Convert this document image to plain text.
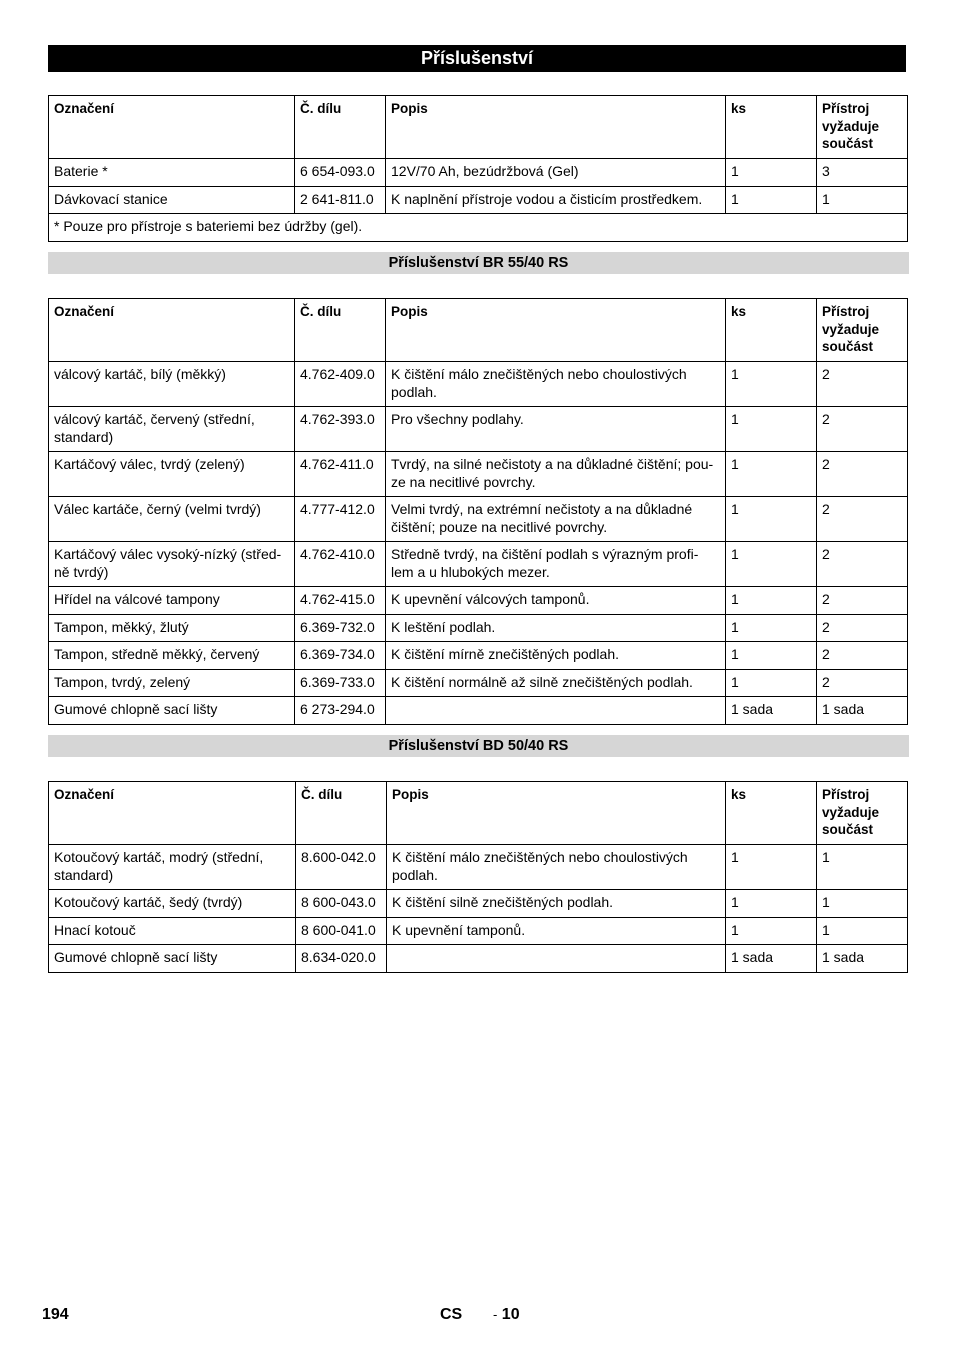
Příslušenství
Označení	Č. dílu	Popis	ks	Přístroj vyžaduje součást
Baterie *	6 654-093.0	12V/70 Ah, bezúdržbová (Gel)	1	3
Dávkovací stanice	2 641-811.0	K naplnění přístroje vodou a čisticím prostředkem.	1	1
* Pouze pro přístroje s bateriemi bez údržby (gel).				
Příslušenství BR 55/40 RS
Označení	Č. dílu	Popis	ks	Přístroj vyžaduje součást
válcový kartáč, bílý (měkký)	4.762-409.0	K čištění málo znečištěných nebo choulostivých podlah.	1	2
válcový kartáč, červený (střední, standard)	4.762-393.0	Pro všechny podlahy.	1	2
Kartáčový válec, tvrdý (zelený)	4.762-411.0	Tvrdý, na silné nečistoty a na důkladné čištění; pou-ze na necitlivé povrchy.	1	2
Válec kartáče, černý (velmi tvrdý)	4.777-412.0	Velmi tvrdý, na extrémní nečistoty a na důkladné čištění; pouze na necitlivé povrchy.	1	2
Kartáčový válec vysoký-nízký (střed-ně tvrdý)	4.762-410.0	Středně tvrdý, na čištění podlah s výrazným profi-lem a u hlubokých mezer.	1	2
Hřídel na válcové tampony	4.762-415.0	K upevnění válcových tamponů.	1	2
Tampon, měkký, žlutý	6.369-732.0	K leštění podlah.	1	2
Tampon, středně měkký, červený	6.369-734.0	K čištění mírně znečištěných podlah.	1	2
Tampon, tvrdý, zelený	6.369-733.0	K čištění normálně až silně znečištěných podlah.	1	2
Gumové chlopně sací lišty	6 273-294.0		1 sada	1 sada
Příslušenství BD 50/40 RS
Označení	Č. dílu	Popis	ks	Přístroj vyžaduje součást
Kotoučový kartáč, modrý (střední, standard)	8.600-042.0	K čištění málo znečištěných nebo choulostivých podlah.	1	1
Kotoučový kartáč, šedý (tvrdý)	8 600-043.0	K čištění silně znečištěných podlah.	1	1
Hnací kotouč	8 600-041.0	K upevnění tamponů.	1	1
Gumové chlopně sací lišty	8.634-020.0		1 sada	1 sada
194	CS - 10
